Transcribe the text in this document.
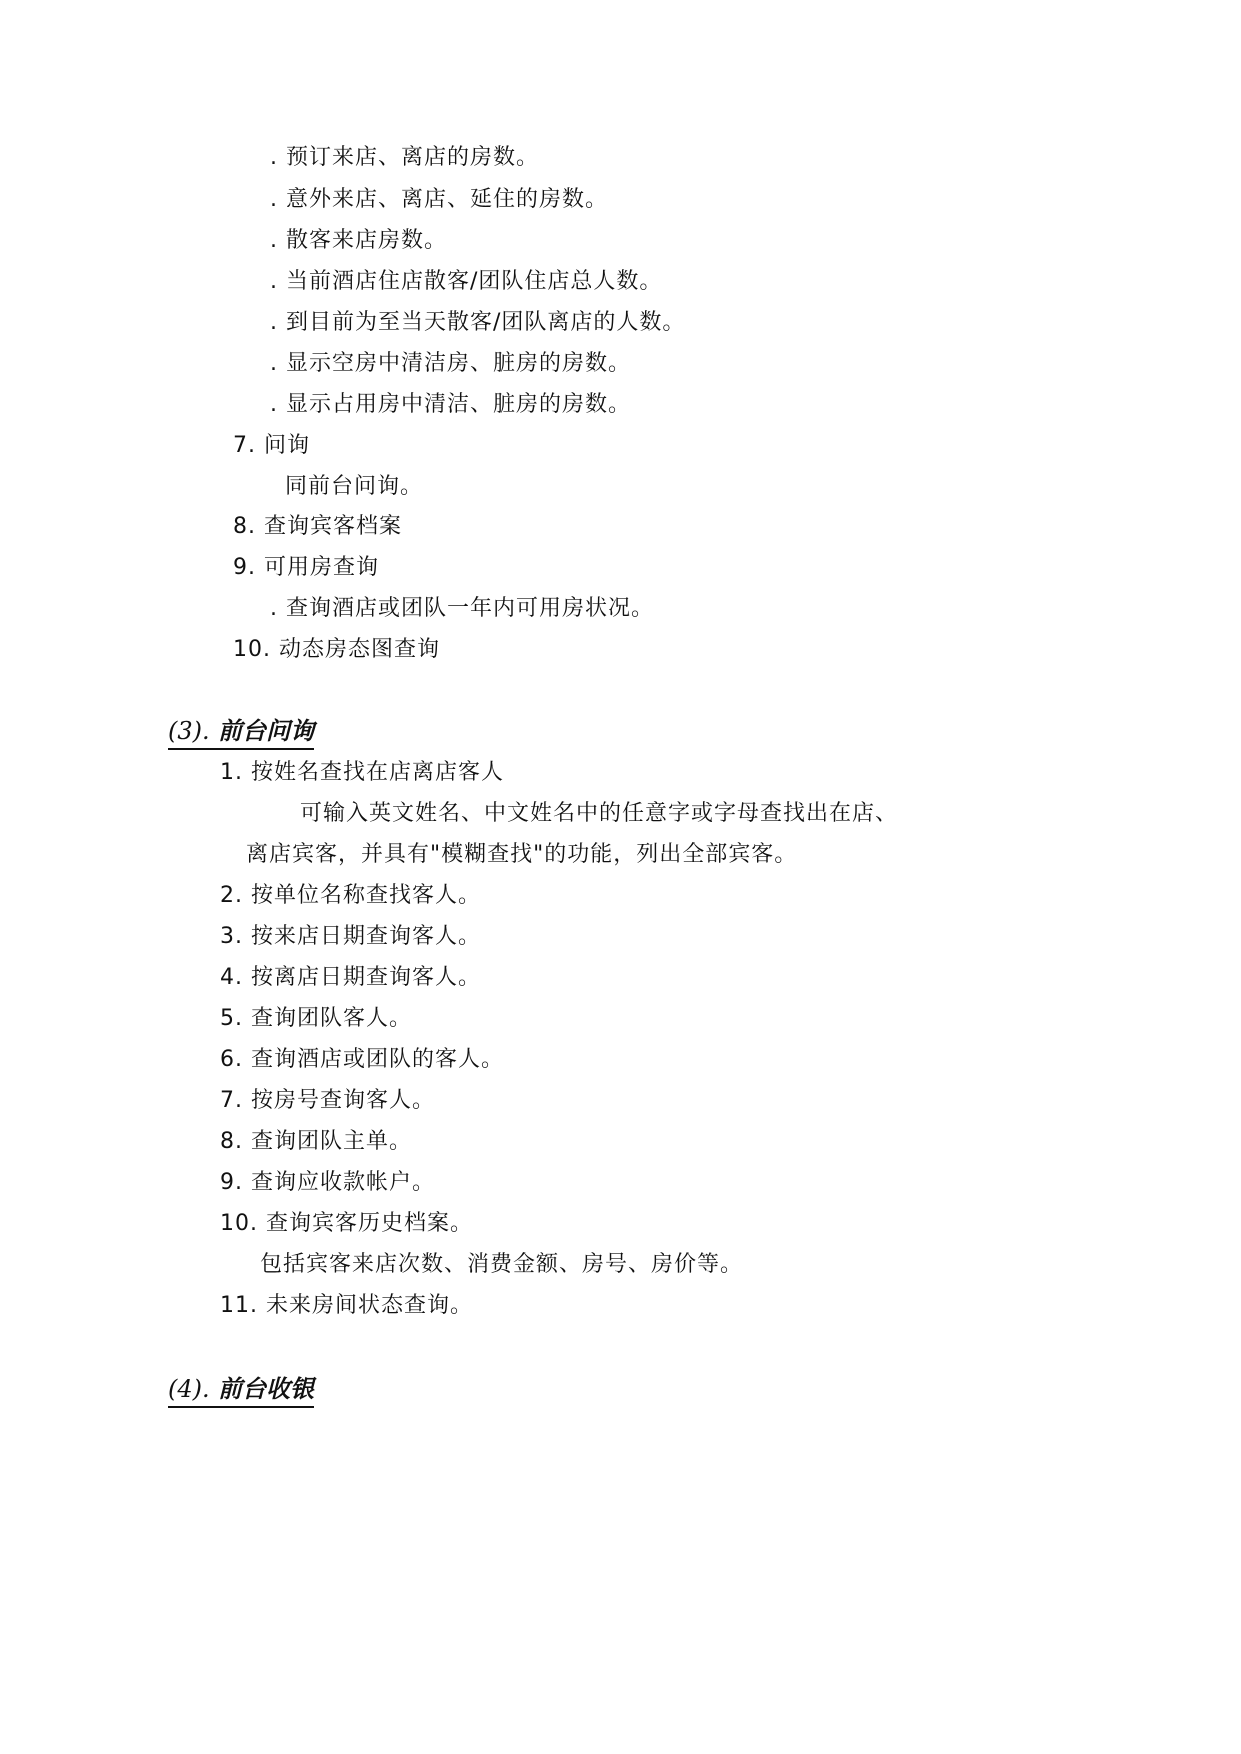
. 预订来店、离店的房数。
. 意外来店、离店、延住的房数。
. 散客来店房数。
. 当前酒店住店散客/团队住店总人数。
. 到目前为至当天散客/团队离店的人数。
. 显示空房中清洁房、脏房的房数。
. 显示占用房中清洁、脏房的房数。
7. 问询
同前台问询。
8. 查询宾客档案
9. 可用房查询
. 查询酒店或团队一年内可用房状况。
10. 动态房态图查询
(3). 前台问询
1. 按姓名查找在店离店客人
可输入英文姓名、中文姓名中的任意字或字母查找出在店、
离店宾客，并具有"模糊查找"的功能，列出全部宾客。
2. 按单位名称查找客人。
3. 按来店日期查询客人。
4. 按离店日期查询客人。
5. 查询团队客人。
6. 查询酒店或团队的客人。
7. 按房号查询客人。
8. 查询团队主单。
9. 查询应收款帐户。
10. 查询宾客历史档案。
包括宾客来店次数、消费金额、房号、房价等。
11. 未来房间状态查询。
(4). 前台收银
